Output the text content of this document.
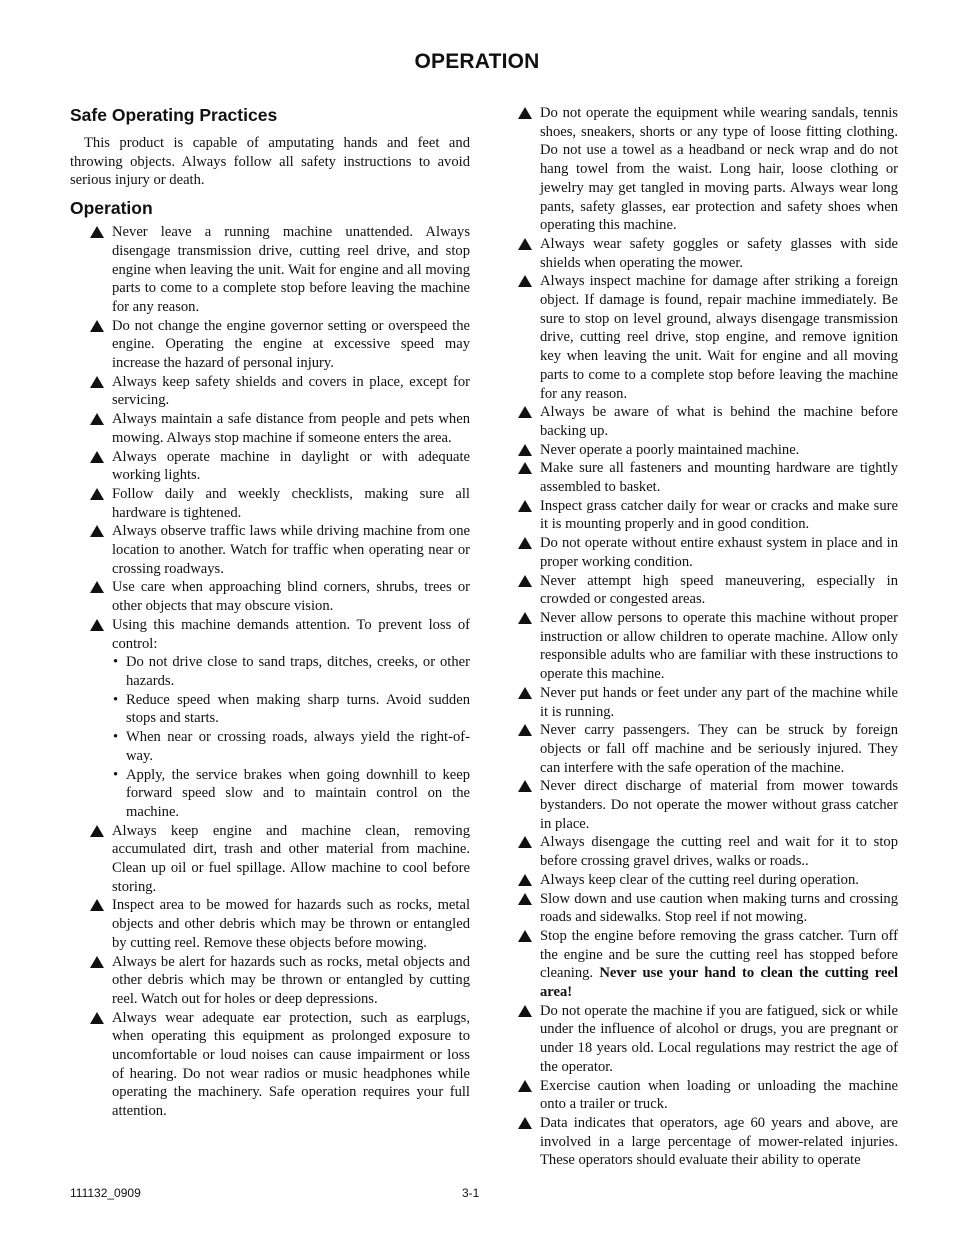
OPERATION
Safe Operating Practices

This product is capable of amputating hands and feet and throwing objects. Always follow all safety instructions to avoid serious injury or death.

Operation
Never leave a running machine unattended. Always disengage transmission drive, cutting reel drive, and stop engine when leaving the unit. Wait for engine and all moving parts to come to a complete stop before leaving the machine for any reason.
Do not change the engine governor setting or overspeed the engine. Operating the engine at excessive speed may increase the hazard of personal injury.
Always keep safety shields and covers in place, except for servicing.
Always maintain a safe distance from people and pets when mowing. Always stop machine if someone enters the area.
Always operate machine in daylight or with adequate working lights.
Follow daily and weekly checklists, making sure all hardware is tightened.
Always observe traffic laws while driving machine from one location to another. Watch for traffic when operating near or crossing roadways.
Use care when approaching blind corners, shrubs, trees or other objects that may obscure vision.
Using this machine demands attention. To prevent loss of control:
• Do not drive close to sand traps, ditches, creeks, or other hazards.
• Reduce speed when making sharp turns. Avoid sudden stops and starts.
• When near or crossing roads, always yield the right-of-way.
• Apply, the service brakes when going downhill to keep forward speed slow and to maintain control on the machine.
Always keep engine and machine clean, removing accumulated dirt, trash and other material from machine. Clean up oil or fuel spillage. Allow machine to cool before storing.
Inspect area to be mowed for hazards such as rocks, metal objects and other debris which may be thrown or entangled by cutting reel. Remove these objects before mowing.
Always be alert for hazards such as rocks, metal objects and other debris which may be thrown or entangled by cutting reel. Watch out for holes or deep depressions.
Always wear adequate ear protection, such as earplugs, when operating this equipment as prolonged exposure to uncomfortable or loud noises can cause impairment or loss of hearing. Do not wear radios or music headphones while operating the machinery. Safe operation requires your full attention.
Do not operate the equipment while wearing sandals, tennis shoes, sneakers, shorts or any type of loose fitting clothing. Do not use a towel as a headband or neck wrap and do not hang towel from the waist. Long hair, loose clothing or jewelry may get tangled in moving parts. Always wear long pants, safety glasses, ear protection and safety shoes when operating this machine.
Always wear safety goggles or safety glasses with side shields when operating the mower.
Always inspect machine for damage after striking a foreign object. If damage is found, repair machine immediately. Be sure to stop on level ground, always disengage transmission drive, cutting reel drive, stop engine, and remove ignition key when leaving the unit. Wait for engine and all moving parts to come to a complete stop before leaving the machine for any reason.
Always be aware of what is behind the machine before backing up.
Never operate a poorly maintained machine.
Make sure all fasteners and mounting hardware are tightly assembled to basket.
Inspect grass catcher daily for wear or cracks and make sure it is mounting properly and in good condition.
Do not operate without entire exhaust system in place and in proper working condition.
Never attempt high speed maneuvering, especially in crowded or congested areas.
Never allow persons to operate this machine without proper instruction or allow children to operate machine. Allow only responsible adults who are familiar with these instructions to operate this machine.
Never put hands or feet under any part of the machine while it is running.
Never carry passengers. They can be struck by foreign objects or fall off machine and be seriously injured. They can interfere with the safe operation of the machine.
Never direct discharge of material from mower towards bystanders. Do not operate the mower without grass catcher in place.
Always disengage the cutting reel and wait for it to stop before crossing gravel drives, walks or roads..
Always keep clear of the cutting reel during operation.
Slow down and use caution when making turns and crossing roads and sidewalks. Stop reel if not mowing.
Stop the engine before removing the grass catcher. Turn off the engine and be sure the cutting reel has stopped before cleaning. Never use your hand to clean the cutting reel area!
Do not operate the machine if you are fatigued, sick or while under the influence of alcohol or drugs, you are pregnant or under 18 years old. Local regulations may restrict the age of the operator.
Exercise caution when loading or unloading the machine onto a trailer or truck.
Data indicates that operators, age 60 years and above, are involved in a large percentage of mower-related injuries. These operators should evaluate their ability to operate
111132_0909	3-1
